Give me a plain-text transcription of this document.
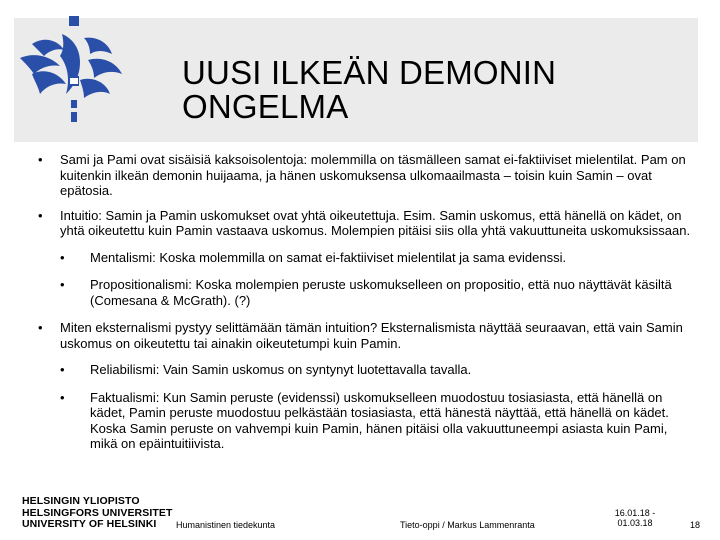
UUSI ILKEÄN DEMONIN
ONGELMA
• Sami ja Pami ovat sisäisiä kaksoisolentoja: molemmilla on täsmälleen samat ei-faktiiviset mielentilat. Pam on kuitenkin ilkeän demonin huijaama, ja hänen uskomuksensa ulkomaailmasta – toisin kuin Samin – ovat epätosia.
• Intuitio: Samin ja Pamin uskomukset ovat yhtä oikeutettuja. Esim. Samin uskomus, että hänellä on kädet, on yhtä oikeutettu kuin Pamin vastaava uskomus. Molempien pitäisi siis olla yhtä vakuuttuneita uskomuksissaan.
• Mentalismi: Koska molemmilla on samat ei-faktiiviset mielentilat ja sama evidenssi.
• Propositionalismi: Koska molempien peruste uskomukselleen on propositio, että nuo näyttävät käsiltä (Comesana & McGrath). (?)
• Miten eksternalismi pystyy selittämään tämän intuition? Eksternalismista näyttää seuraavan, että vain Samin uskomus on oikeutettu tai ainakin oikeutetumpi kuin Pamin.
• Reliabilismi: Vain Samin uskomus on syntynyt luotettavalla tavalla.
• Faktualismi: Kun Samin peruste (evidenssi) uskomukselleen muodostuu tosiasiasta, että hänellä on kädet, Pamin peruste muodostuu pelkästään tosiasiasta, että hänestä näyttää, että hänellä on kädet. Koska Samin peruste on vahvempi kuin Pamin, hänen pitäisi olla vakuuttuneempi asiasta kuin Pami, mikä on epäintuitiivista.
HELSINGIN YLIOPISTO
HELSINGFORS UNIVERSITET
UNIVERSITY OF HELSINKI	Humanistinen tiedekunta	Tieto-oppi / Markus Lammenranta
16.01.18 -
01.03.18	18
